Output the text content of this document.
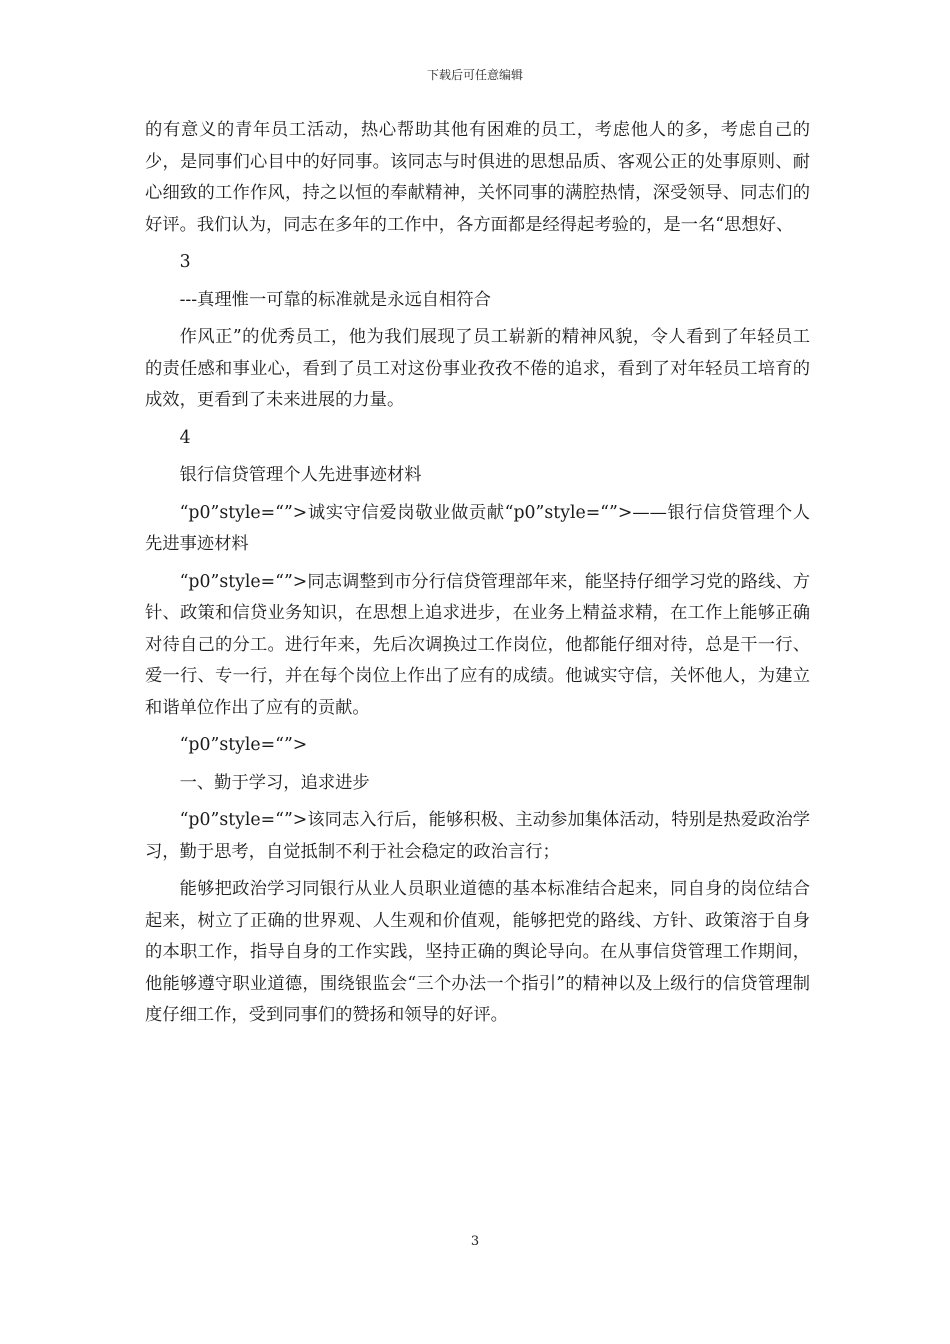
下载后可任意编辑

的有意义的青年员工活动，热心帮助其他有困难的员工，考虑他人的多，考虑自己的少，是同事们心目中的好同事。该同志与时俱进的思想品质、客观公正的处事原则、耐心细致的工作作风，持之以恒的奉献精神，关怀同事的满腔热情，深受领导、同志们的好评。我们认为，同志在多年的工作中，各方面都是经得起考验的，是一名“思想好、

3

---真理惟一可靠的标准就是永远自相符合

作风正”的优秀员工，他为我们展现了员工崭新的精神风貌，令人看到了年轻员工的责任感和事业心，看到了员工对这份事业孜孜不倦的追求，看到了对年轻员工培育的成效，更看到了未来进展的力量。

4

银行信贷管理个人先进事迹材料

“p0”style=“”>诚实守信爱岗敬业做贡献“p0”style=“”>——银行信贷管理个人先进事迹材料

“p0”style=“”>同志调整到市分行信贷管理部年来，能坚持仔细学习党的路线、方针、政策和信贷业务知识，在思想上追求进步，在业务上精益求精，在工作上能够正确对待自己的分工。进行年来，先后次调换过工作岗位，他都能仔细对待，总是干一行、爱一行、专一行，并在每个岗位上作出了应有的成绩。他诚实守信，关怀他人，为建立和谐单位作出了应有的贡献。

“p0”style=“”>

一、勤于学习，追求进步

“p0”style=“”>该同志入行后，能够积极、主动参加集体活动，特别是热爱政治学习，勤于思考，自觉抵制不利于社会稳定的政治言行；

能够把政治学习同银行从业人员职业道德的基本标准结合起来，同自身的岗位结合起来，树立了正确的世界观、人生观和价值观，能够把党的路线、方针、政策溶于自身的本职工作，指导自身的工作实践，坚持正确的舆论导向。在从事信贷管理工作期间，他能够遵守职业道德，围绕银监会“三个办法一个指引”的精神以及上级行的信贷管理制度仔细工作，受到同事们的赞扬和领导的好评。

3
